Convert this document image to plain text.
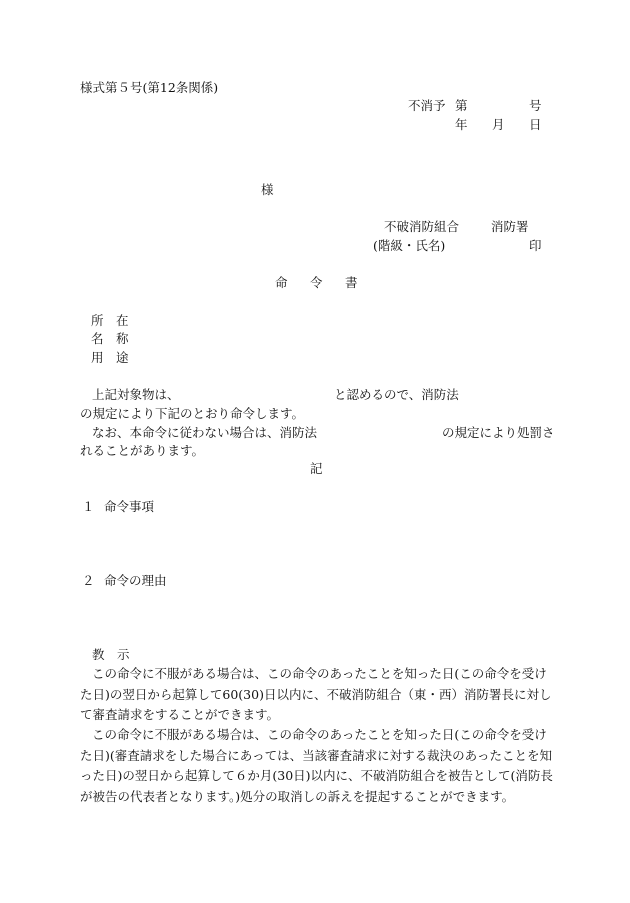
様式第５号(第12条関係)
不消予 第	号
年 月 日
様
不破消防組合	消防署
(階級・氏名)	印
命 令 書
所　在
名　称
用　途
上記対象物は、	と認めるので、消防法
の規定により下記のとおり命令します。
なお、本命令に従わない場合は、消防法	の規定により処罰さ
れることがあります。
記
１ 命令事項
２ 命令の理由
教　示
この命令に不服がある場合は、この命令のあったことを知った日(この命令を受けた日)の翌日から起算して60(30)日以内に、不破消防組合（東・西）消防署長に対して審査請求をすることができます。
この命令に不服がある場合は、この命令のあったことを知った日(この命令を受けた日)(審査請求をした場合にあっては、当該審査請求に対する裁決のあったことを知った日)の翌日から起算して６か月(30日)以内に、不破消防組合を被告として(消防長が被告の代表者となります。)処分の取消しの訴えを提起することができます。
